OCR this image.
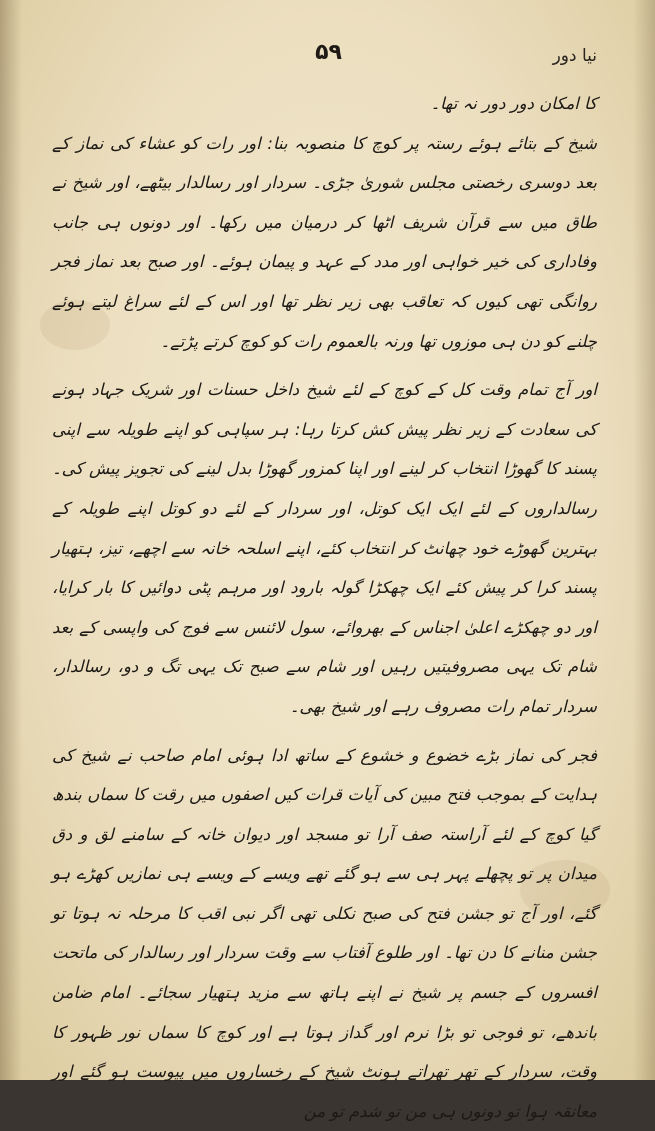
نیا دور
۵۹

کا امکان دور دور نہ تھا۔

شیخ کے بتائے ہوئے رستہ پر کوچ کا منصوبہ بنا: اور رات کو عشاء کی نماز کے بعد دوسری رخصتی مجلس شوریٰ جڑی۔ سردار اور رسالدار بیٹھے، اور شیخ نے طاق میں سے قرآن شریف اٹھا کر درمیان میں رکھا۔ اور دونوں ہی جانب وفاداری کی خیر خواہی اور مدد کے عہد و پیمان ہوئے۔ اور صبح بعد نماز فجر روانگی تھی کیوں کہ تعاقب بھی زیر نظر تھا اور اس کے لئے سراغ لیتے ہوئے چلنے کو دن ہی موزوں تھا ورنہ بالعموم رات کو کوچ کرتے پڑتے۔

اور آج تمام وقت کل کے کوچ کے لئے شیخ داخل حسنات اور شریک جہاد ہونے کی سعادت کے زیر نظر پیش کش کرتا رہا: ہر سپاہی کو اپنے طویلہ سے اپنی پسند کا گھوڑا انتخاب کر لینے اور اپنا کمزور گھوڑا بدل لینے کی تجویز پیش کی۔ رسالداروں کے لئے ایک ایک کوتل، اور سردار کے لئے دو کوتل اپنے طویلہ کے بہترین گھوڑے خود چھانٹ کر انتخاب کئے، اپنے اسلحہ خانہ سے اچھے، تیز، ہتھیار پسند کرا کر پیش کئے ایک چھکڑا گولہ بارود اور مرہم پٹی دوائیں کا بار کرایا، اور دو چھکڑے اعلیٰ اجناس کے بھروائے، سول لائنس سے فوج کی واپسی کے بعد شام تک یہی مصروفیتیں رہیں اور شام سے صبح تک یہی تگ و دو، رسالدار، سردار تمام رات مصروف رہے اور شیخ بھی۔

فجر کی نماز بڑے خضوع و خشوع کے ساتھ ادا ہوئی امام صاحب نے شیخ کی ہدایت کے بموجب فتح مبین کی آیات قرات کیں اصفوں میں رقت کا سماں بندھ گیا کوچ کے لئے آراستہ صف آرا تو مسجد اور دیوان خانہ کے سامنے لق و دق میدان پر تو پچھلے پہر ہی سے ہو گئے تھے ویسے کے ویسے ہی نمازیں کھڑے ہو گئے، اور آج تو جشن فتح کی صبح نکلی تھی اگر نبی اقب کا مرحلہ نہ ہوتا تو جشن منانے کا دن تھا۔ اور طلوع آفتاب سے وقت سردار اور رسالدار کی ماتحت افسروں کے جسم پر شیخ نے اپنے ہاتھ سے مزید ہتھیار سجائے۔ امام ضامن باندھے، تو فوجی تو بڑا نرم اور گداز ہوتا ہے اور کوچ کا سماں نور ظہور کا وقت، سردار کے تھر تھراتے ہونٹ شیخ کے رخساروں میں پیوست ہو گئے اور معانقہ ہوا تو دونوں ہی من تو شدم تو من
